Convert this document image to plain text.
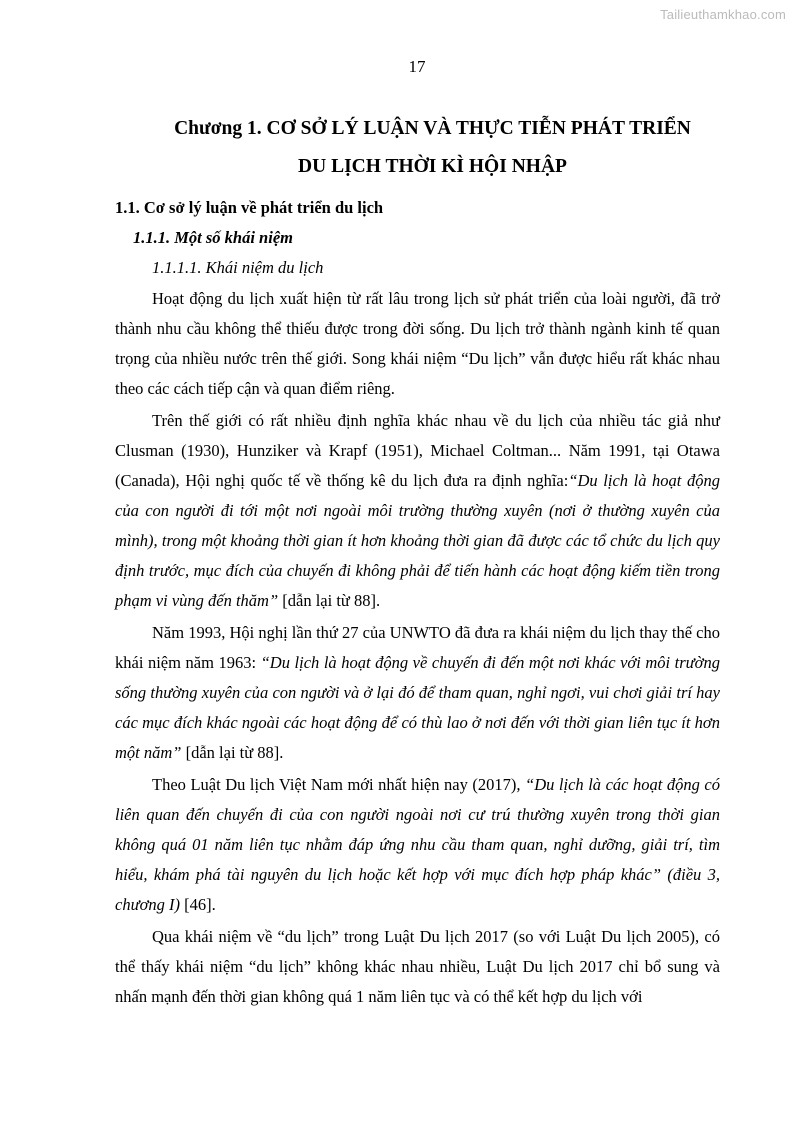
Tailieuthamkhao.com
17
Chương 1. CƠ SỞ LÝ LUẬN VÀ THỰC TIỄN PHÁT TRIỂN
DU LỊCH THỜI KÌ HỘI NHẬP
1.1. Cơ sở lý luận về phát triển du lịch
1.1.1. Một số khái niệm
1.1.1.1. Khái niệm du lịch

Hoạt động du lịch xuất hiện từ rất lâu trong lịch sử phát triển của loài người, đã trở thành nhu cầu không thể thiếu được trong đời sống. Du lịch trở thành ngành kinh tế quan trọng của nhiều nước trên thế giới. Song khái niệm “Du lịch” vẫn được hiểu rất khác nhau theo các cách tiếp cận và quan điểm riêng.

Trên thế giới có rất nhiều định nghĩa khác nhau về du lịch của nhiều tác giả như Clusman (1930), Hunziker và Krapf (1951), Michael Coltman... Năm 1991, tại Otawa (Canada), Hội nghị quốc tế về thống kê du lịch đưa ra định nghĩa:“Du lịch là hoạt động của con người đi tới một nơi ngoài môi trường thường xuyên (nơi ở thường xuyên của mình), trong một khoảng thời gian ít hơn khoảng thời gian đã được các tổ chức du lịch quy định trước, mục đích của chuyến đi không phải để tiến hành các hoạt động kiếm tiền trong phạm vi vùng đến thăm” [dẫn lại từ 88].

Năm 1993, Hội nghị lần thứ 27 của UNWTO đã đưa ra khái niệm du lịch thay thế cho khái niệm năm 1963: “Du lịch là hoạt động về chuyến đi đến một nơi khác với môi trường sống thường xuyên của con người và ở lại đó để tham quan, nghỉ ngơi, vui chơi giải trí hay các mục đích khác ngoài các hoạt động để có thù lao ở nơi đến với thời gian liên tục ít hơn một năm” [dẫn lại từ 88].

Theo Luật Du lịch Việt Nam mới nhất hiện nay (2017), “Du lịch là các hoạt động có liên quan đến chuyến đi của con người ngoài nơi cư trú thường xuyên trong thời gian không quá 01 năm liên tục nhằm đáp ứng nhu cầu tham quan, nghỉ dưỡng, giải trí, tìm hiểu, khám phá tài nguyên du lịch hoặc kết hợp với mục đích hợp pháp khác” (điều 3, chương I) [46].

Qua khái niệm về “du lịch” trong Luật Du lịch 2017 (so với Luật Du lịch 2005), có thể thấy khái niệm “du lịch” không khác nhau nhiều, Luật Du lịch 2017 chỉ bổ sung và nhấn mạnh đến thời gian không quá 1 năm liên tục và có thể kết hợp du lịch với
